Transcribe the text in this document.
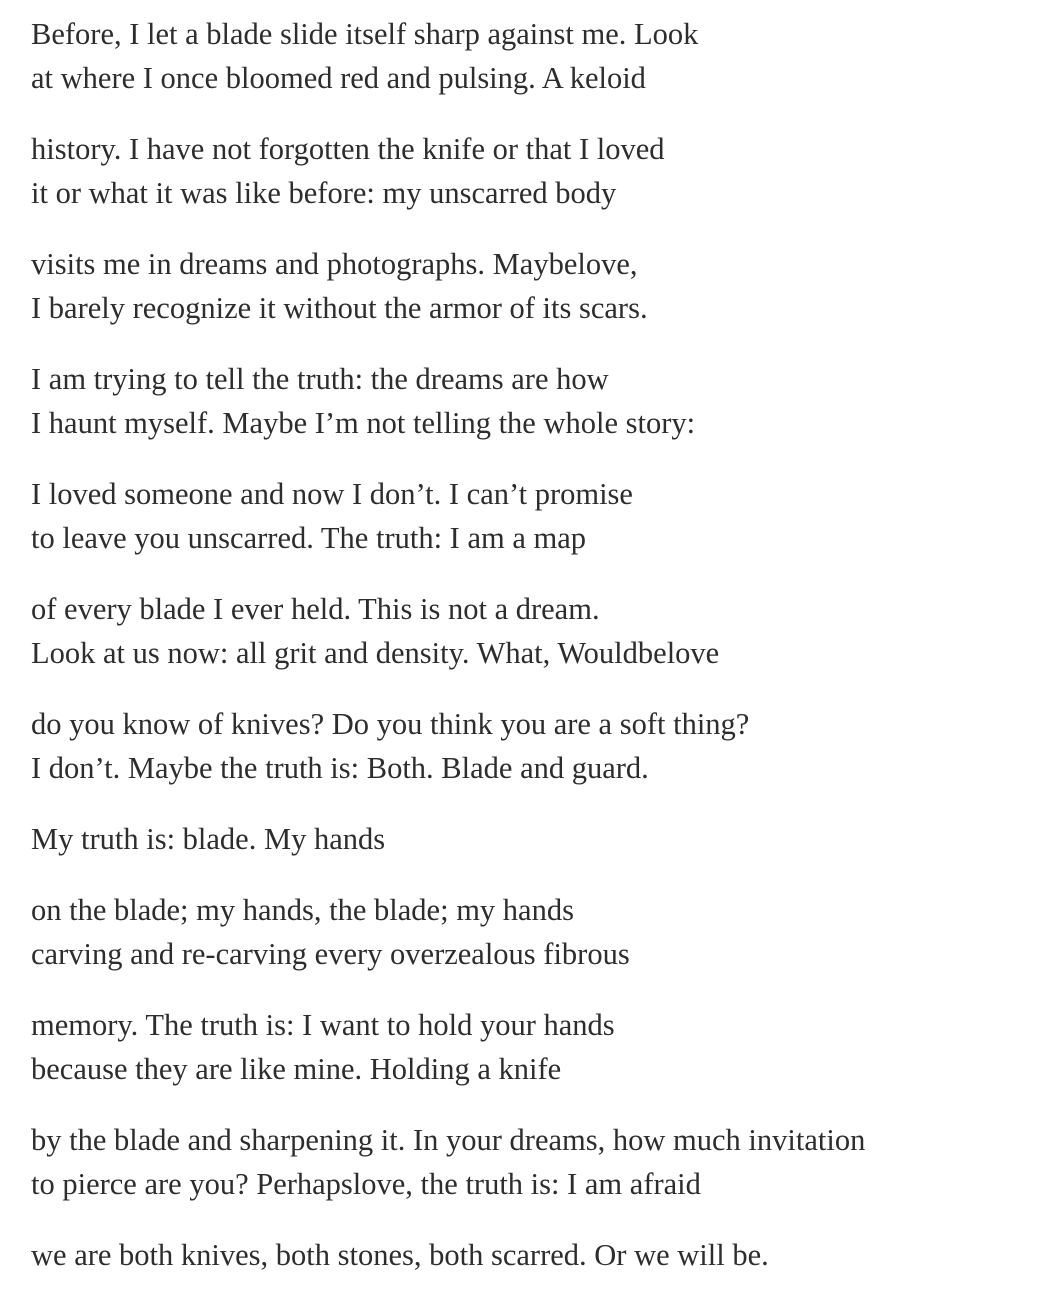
Before, I let a blade slide itself sharp against me. Look
at where I once bloomed red and pulsing. A keloid
history. I have not forgotten the knife or that I loved
it or what it was like before: my unscarred body
visits me in dreams and photographs. Maybelove,
I barely recognize it without the armor of its scars.
I am trying to tell the truth: the dreams are how
I haunt myself. Maybe I’m not telling the whole story:
I loved someone and now I don’t. I can’t promise
to leave you unscarred. The truth: I am a map
of every blade I ever held. This is not a dream.
Look at us now: all grit and density. What, Wouldbelove
do you know of knives? Do you think you are a soft thing?
I don’t. Maybe the truth is: Both. Blade and guard.
My truth is: blade. My hands
on the blade; my hands, the blade; my hands
carving and re-carving every overzealous fibrous
memory. The truth is: I want to hold your hands
because they are like mine. Holding a knife
by the blade and sharpening it. In your dreams, how much invitation
to pierce are you? Perhapslove, the truth is: I am afraid
we are both knives, both stones, both scarred. Or we will be.
